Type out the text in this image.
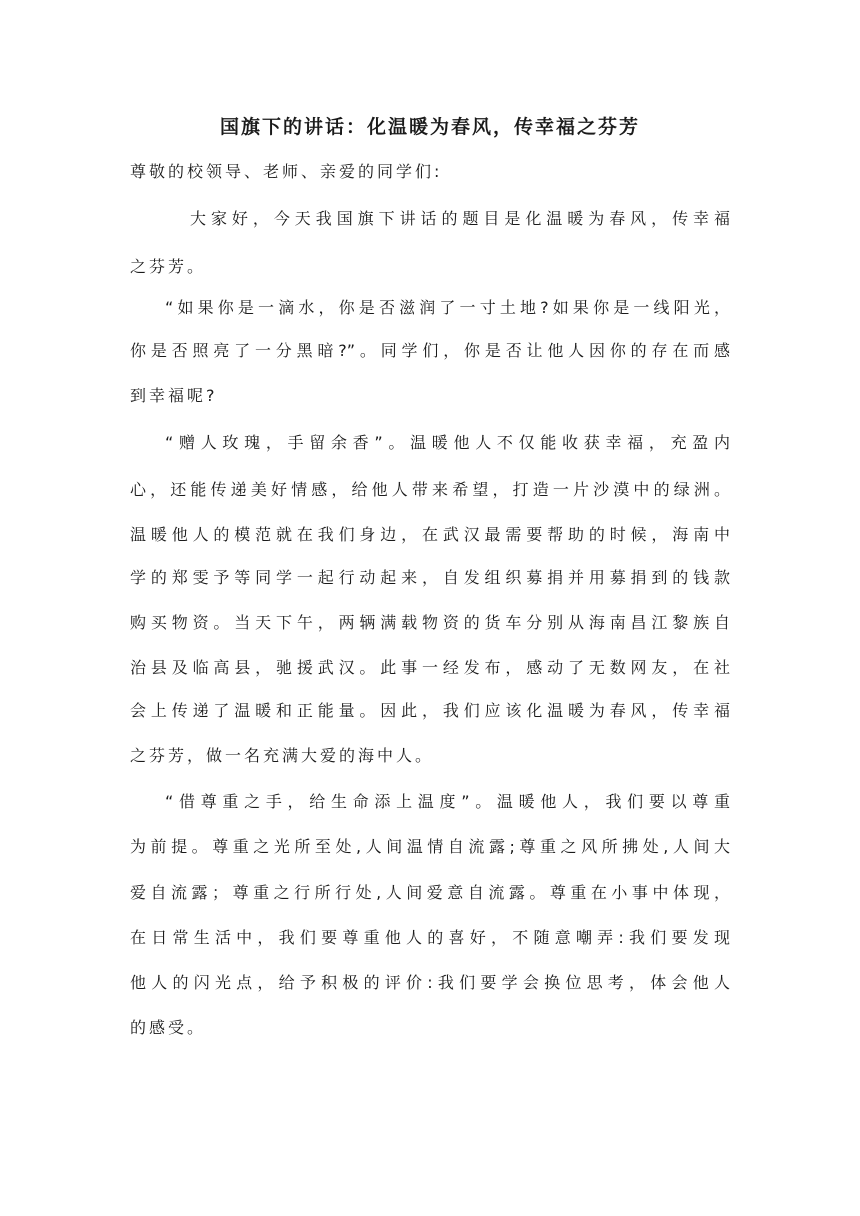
国旗下的讲话：化温暖为春风，传幸福之芬芳
尊敬的校领导、老师、亲爱的同学们:
大家好，今天我国旗下讲话的题目是化温暖为春风，传幸福
之芬芳。
“如果你是一滴水，你是否滋润了一寸土地?如果你是一线阳光，
你是否照亮了一分黑暗?”。同学们，你是否让他人因你的存在而感
到幸福呢?
“赠人玫瑰，手留余香”。温暖他人不仅能收获幸福，充盈内
心，还能传递美好情感，给他人带来希望，打造一片沙漠中的绿洲。
温暖他人的模范就在我们身边，在武汉最需要帮助的时候，海南中
学的郑雯予等同学一起行动起来，自发组织募捐并用募捐到的钱款
购买物资。当天下午，两辆满载物资的货车分别从海南昌江黎族自
治县及临高县，驰援武汉。此事一经发布，感动了无数网友，在社
会上传递了温暖和正能量。因此，我们应该化温暖为春风，传幸福
之芬芳，做一名充满大爱的海中人。
“借尊重之手，给生命添上温度”。温暖他人，我们要以尊重
为前提。尊重之光所至处,人间温情自流露;尊重之风所拂处,人间大
爱自流露；尊重之行所行处,人间爱意自流露。尊重在小事中体现，
在日常生活中，我们要尊重他人的喜好，不随意嘲弄:我们要发现
他人的闪光点，给予积极的评价:我们要学会换位思考，体会他人
的感受。
